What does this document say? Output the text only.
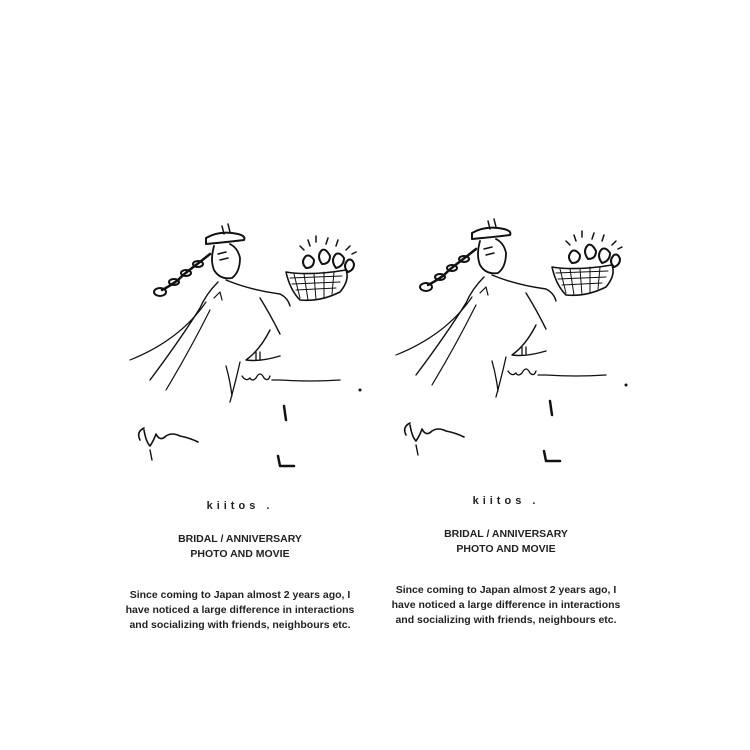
kiitos .
BRIDAL / ANNIVERSARY
PHOTO AND MOVIE
Since coming to Japan almost 2 years ago, I have noticed a large difference in interactions and socializing with friends, neighbours etc.
kiitos .
BRIDAL / ANNIVERSARY
PHOTO AND MOVIE
Since coming to Japan almost 2 years ago, I have noticed a large difference in interactions and socializing with friends, neighbours etc.
